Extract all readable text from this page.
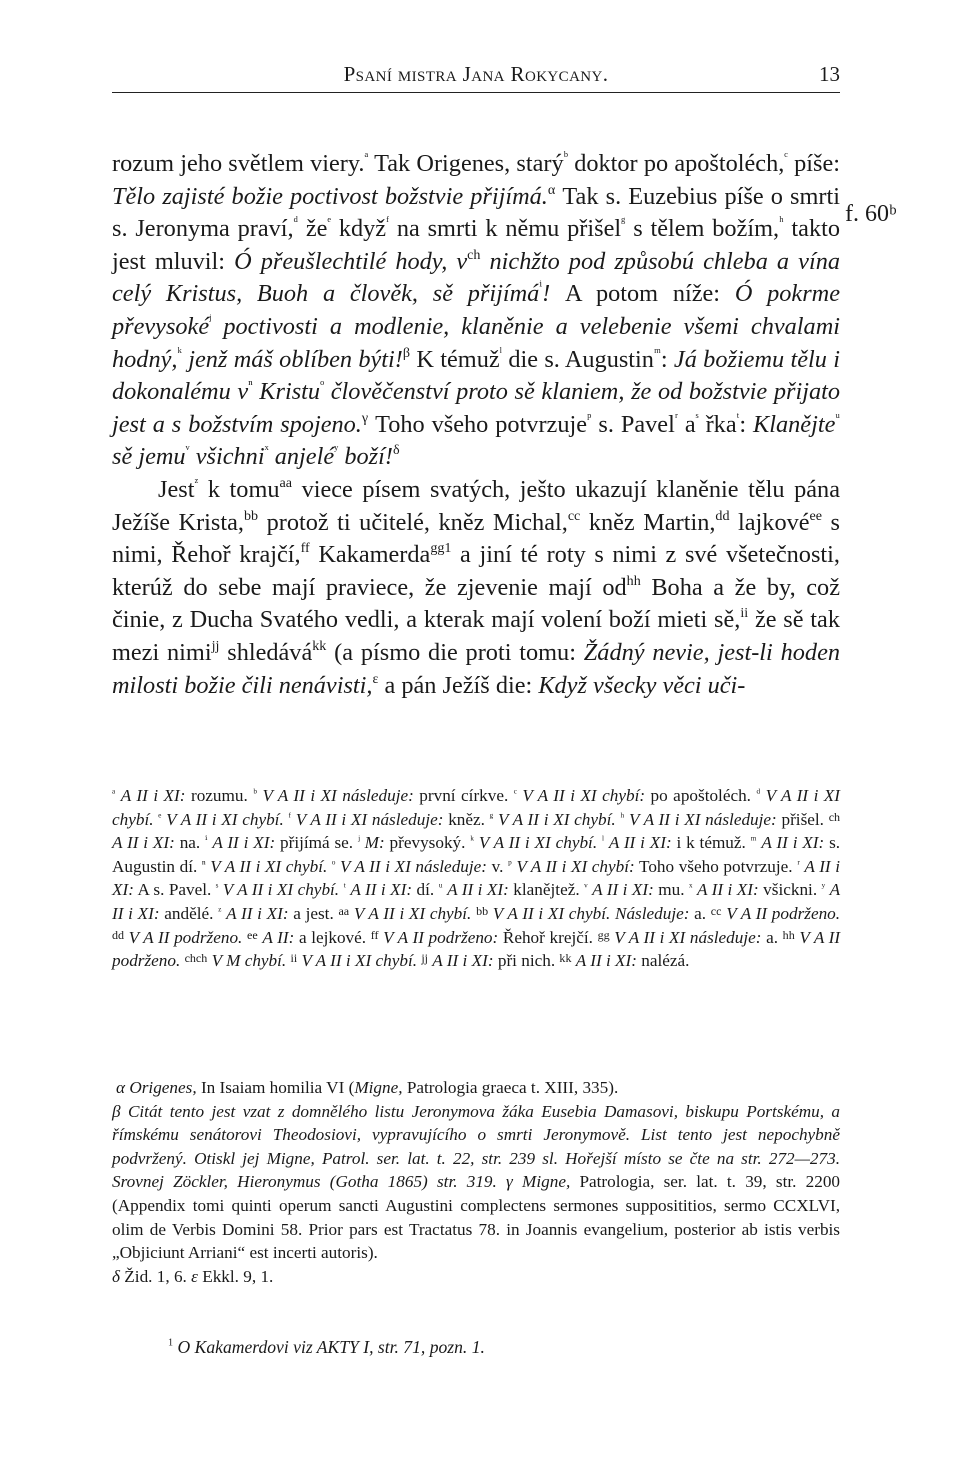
Psaní mistra Jana Rokycany.	13
f. 60ᵇ

rozum jeho světlem viery.$^ᵃ$ Tak Origenes, starý$^ᵇ$ doktor po apoštoléch,$^ᶜ$ píše: Tělo zajisté božie poctivost božstvie přijímá.$^\alpha$ Tak s. Euzebius píše o smrti s. Jeronyma praví,$^ᵈ$ $že^ᵉ$ když$^ᶠ$ na smrti k němu přišel$^ᵍ$ s tělem božím,$^ʰ$ takto jest mluvil: Ó přeušlechtilé hody, $v^{ch}$ nichžto pod způsobú chleba a vína celý Kristus, Buoh a člověk, sě přijímá$^{^i}$! A potom níže: Ó pokrme převysoké$^ʲ$ poctivosti a modlenie, klaněnie a velebenie všemi chvalami hodný,$^ᵏ$ jenž máš oblíben býti!$^\beta$ K témuž$^ˡ$ die s. Augustin$^ᵐ$: Já božiemu tělu i dokonalému $v^{^n}$ Kristu$^ᵒ$ člověčenství proto sě klaniem, že od božstvie přijato jest a s božstvím spojeno.$^\gamma$ Toho všeho potvrzuje$^ᵖ$ s. Pavel$^ʳ$ $a^ˢ$ řka$^ᵗ$: Klaněјte$^ᵘ$ sě jemu$^ᵛ$ všichni$^ˣ$ anjelé$^ʸ$ boží!$^\delta$

Jest$^ᶻ$ k tomu$^{aa}$ viece písem svatých, ješto ukazují klaněnie tělu pána Ježíše Krista,$^{bb}$ protož ti učitelé, kněz Michal,$^{cc}$ kněz Martin,$^{dd}$ lajkové$^{ee}$ s nimi, Řehoř krajčí,$^{ff}$ Kakamerda$^{gg1}$ a jiní té roty s nimi z své všetečnosti, kterúž do sebe mají praviece, že zjevenie mají $od^{hh}$ Boha a že by, což činie, z Ducha Svatého vedli, a kterak mají volení boží mieti sě,$^{ii}$ že sě tak mezi nimi$^{jj}$ shledává$^{kk}$ (a písmo die proti tomu: Žádný nevie, jest-li hoden milosti božie čili nenávisti,$^\varepsilon$ a pán Ježíš die: Když všecky věci uči-

$^ᵃ$ A II i XI: rozumu. $^ᵇ$ V A II i XI následuje: první církve. $^ᶜ$ V A II i XI chybí: po apoštoléch. $^ᵈ$ V A II i XI chybí. $^ᵉ$ V A II i XI chybí. $^ᶠ$ V A II i XI následuje: kněz. $^ᵍ$ V A II i XI chybí. $^ʰ$ V A II i XI následuje: přišel. $^{ch}$ A II i XI: na. $^{^i}$ A II i XI: přijímá se. $^ʲ$ M: převysoký. $^ᵏ$ V A II i XI chybí. $^ˡ$ A II i XI: i k témuž. $^ᵐ$ A II i XI: s. Augustin dí. $^{^n}$ V A II i XI chybí. $^ᵒ$ V A II i XI následuje: v. $^ᵖ$ V A II i XI chybí: Toho všeho potvrzuje. $^ʳ$ A II i XI: A s. Pavel. $^ˢ$ V A II i XI chybí. $^ᵗ$ A II i XI: dí. $^ᵘ$ A II i XI: klaněјtež. $^ᵛ$ A II i XI: mu. $^ˣ$ A II i XI: všickni. $^ʸ$ A II i XI: andělé. $^ᶻ$ A II i XI: a jest. $^{aa}$ V A II i XI chybí. $^{bb}$ V A II i XI chybí. Následuje: a. $^{cc}$ V A II podrženo. $^{dd}$ V A II podrženo. $^{ee}$ A II: a lejkové. $^{ff}$ V A II podrženo: Řehoř krejčí. $^{gg}$ V A II i XI následuje: a. $^{hh}$ V A II podrženo. $^{chch}$ V M chybí. $^{ii}$ V A II i XI chybí. $^{jj}$ A II i XI: při nich. $^{kk}$ A II i XI: nalézá.

α Origenes, In Isaiam homilia VI (Migne, Patrologia graeca t. XIII, 335).

β Citát tento jest vzat z domnělého listu Jeronymova žáka Eusebia Damasovi, biskupu Portskému, a římskému senátorovi Theodosiovi, vypravujícího o smrti Jeronymově. List tento jest nepochybně podvržený. Otiskl jej Migne, Patrol. ser. lat. t. 22, str. 239 sl. Hořejší místo se čte na str. 272—273. Srovnej Zöckler, Hieronymus (Gotha 1865) str. 319. γ Migne, Patrologia, ser. lat. t. 39, str. 2200 (Appendix tomi quinti operum sancti Augustini complectens sermones supposititios, sermo CCXLVI, olim de Verbis Domini 58. Prior pars est Tractatus 78. in Joannis evangelium, posterior ab istis verbis „Objiciunt Arriani“ est incerti autoris).

δ Žid. 1, 6. ε Ekkl. 9, 1.

$^1$ O Kakamerdovi viz AKTY I, str. 71, pozn. 1.
